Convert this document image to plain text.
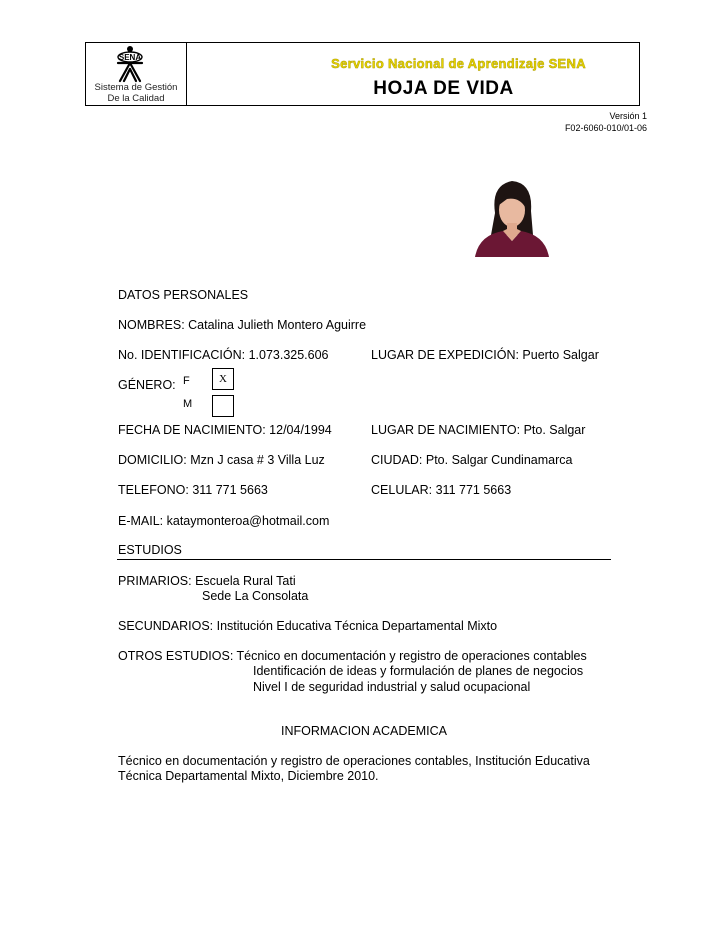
SENA
Sistema de Gestión
De la Calidad
Servicio Nacional de Aprendizaje SENA
HOJA DE VIDA
Versión 1
F02-6060-010/01-06
DATOS PERSONALES
NOMBRES: Catalina Julieth Montero Aguirre
No. IDENTIFICACIÓN: 1.073.325.606	LUGAR DE EXPEDICIÓN: Puerto Salgar
GÉNERO: F	X
M
FECHA DE NACIMIENTO: 12/04/1994	LUGAR DE NACIMIENTO: Pto. Salgar
DOMICILIO: Mzn J casa # 3 Villa Luz	CIUDAD: Pto. Salgar Cundinamarca
TELEFONO: 311 771 5663	CELULAR: 311 771 5663
E-MAIL: kataymonteroa@hotmail.com
ESTUDIOS
PRIMARIOS: Escuela Rural Tati
Sede La Consolata
SECUNDARIOS: Institución Educativa Técnica Departamental Mixto
OTROS ESTUDIOS: Técnico en documentación y registro de operaciones contables
Identificación de ideas y formulación de planes de negocios
Nivel I de seguridad industrial y salud ocupacional
INFORMACION ACADEMICA
Técnico en documentación y registro de operaciones contables, Institución Educativa
Técnica Departamental Mixto, Diciembre 2010.
